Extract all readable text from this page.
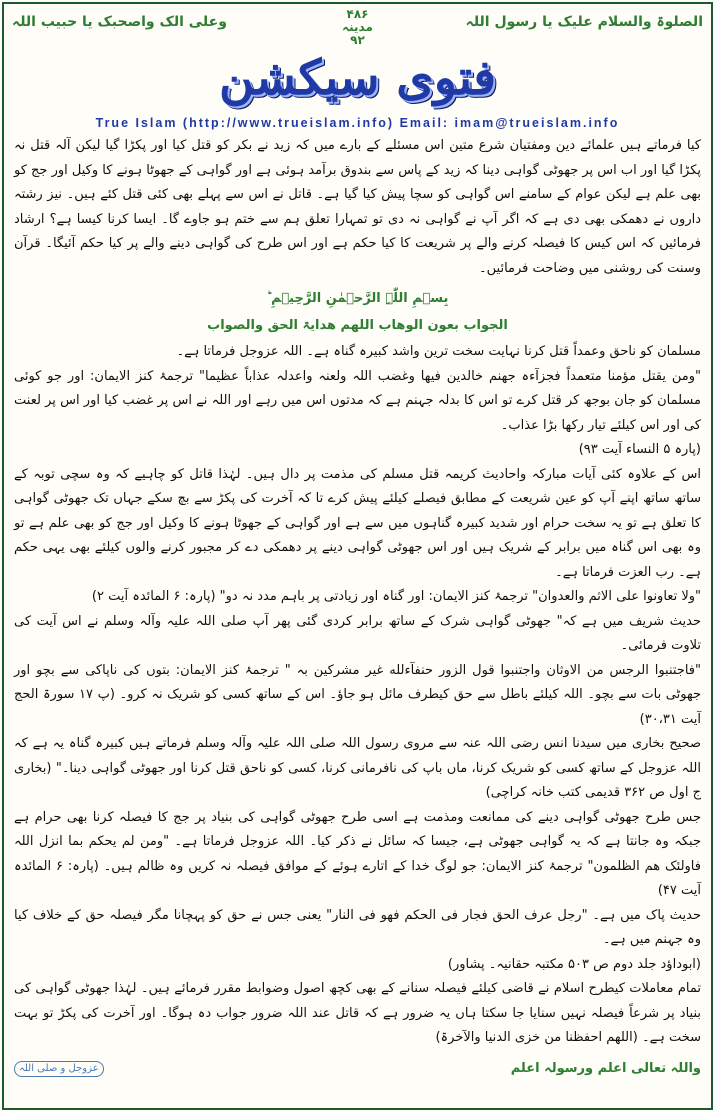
الصلوۃ والسلام علیک یا رسول اللہ
۴۸۶
مدینہ
۹۲
وعلی الک واصحبک یا حبیب اللہ
فتوی سیکشن
True Islam (http://www.trueislam.info) Email: imam@trueislam.info

کیا فرماتے ہیں علمائے دین ومفتیان شرع متین اس مسئلے کے بارے میں کہ زید نے بکر کو قتل کیا اور پکڑا گیا لیکن آلہ قتل نہ پکڑا گیا اور اب اس پر جھوٹی گواہی دینا کہ زید کے پاس سے بندوق برآمد ہوئی ہے اور گواہی کے جھوٹا ہونے کا وکیل اور جج کو بھی علم ہے لیکن عوام کے سامنے اس گواہی کو سچا پیش کیا گیا ہے۔ قاتل نے اس سے پہلے بھی کئی قتل کئے ہیں۔ نیز رشتہ داروں نے دھمکی بھی دی ہے کہ اگر آپ نے گواہی نہ دی تو تمہارا تعلق ہم سے ختم ہو جاوے گا۔ ایسا کرنا کیسا ہے؟ ارشاد فرمائیں کہ اس کیس کا فیصلہ کرنے والے پر شریعت کا کیا حکم ہے اور اس طرح کی گواہی دینے والے پر کیا حکم آئیگا۔ قرآن وسنت کی روشنی میں وضاحت فرمائیں۔

بِسۡمِ اللّٰہِ الرَّحۡمٰنِ الرَّحِیۡمِ ؕ
الجواب بعون الوھاب اللھم ھدایۃ الحق والصواب

مسلمان کو ناحق وعمداً قتل کرنا نہایت سخت ترین واشد کبیرہ گناہ ہے۔ اللہ عزوجل فرماتا ہے۔

"ومن یقتل مؤمنا متعمداً فجزآءہ جھنم خالدین فیھا وغضب اللہ ولعنہ واعدلہ عذاباً عظیما" ترجمۂ کنز الایمان: اور جو کوئی مسلمان کو جان بوجھ کر قتل کرے تو اس کا بدلہ جہنم ہے کہ مدتوں اس میں رہے اور اللہ نے اس پر غضب کیا اور اس پر لعنت کی اور اس کیلئے تیار رکھا بڑا عذاب۔

(پارہ ۵ النساء آیت ۹۳)

اس کے علاوہ کئی آیات مبارکہ واحادیث کریمہ قتل مسلم کی مذمت پر دال ہیں۔ لہٰذا قاتل کو چاہیے کہ وہ سچی توبہ کے ساتھ ساتھ اپنے آپ کو عین شریعت کے مطابق فیصلے کیلئے پیش کرے تا کہ آخرت کی پکڑ سے بچ سکے جہاں تک جھوٹی گواہی کا تعلق ہے تو یہ سخت حرام اور شدید کبیرہ گناہوں میں سے ہے اور گواہی کے جھوٹا ہونے کا وکیل اور جج کو بھی علم ہے تو وہ بھی اس گناہ میں برابر کے شریک ہیں اور اس جھوٹی گواہی دینے پر دھمکی دے کر مجبور کرنے والوں کیلئے بھی یہی حکم ہے۔ رب العزت فرماتا ہے۔

"ولا تعاونوا علی الاثم والعدوان" ترجمۂ کنز الایمان: اور گناہ اور زیادتی پر باہم مدد نہ دو" (پارہ: ۶ المائدہ آیت ۲)

حدیث شریف میں ہے کہ" جھوٹی گواہی شرک کے ساتھ برابر کردی گئی پھر آپ صلی اللہ علیہ وآلہ وسلم نے اس آیت کی تلاوت فرمائی۔

"فاجتنبوا الرجس من الاوثان واجتنبوا قول الزور حنفآءلله غیر مشرکین بہ " ترجمۂ کنز الایمان: بتوں کی ناپاکی سے بچو اور جھوٹی بات سے بچو۔ اللہ کیلئے باطل سے حق کیطرف مائل ہو جاؤ۔ اس کے ساتھ کسی کو شریک نہ کرو۔ (پ ۱۷ سورۃ الحج آیت ۳۰،۳۱)

صحیح بخاری میں سیدنا انس رضی اللہ عنہ سے مروی رسول اللہ صلی اللہ علیہ وآلہ وسلم فرماتے ہیں کبیرہ گناہ یہ ہے کہ اللہ عزوجل کے ساتھ کسی کو شریک کرنا، ماں باپ کی نافرمانی کرنا، کسی کو ناحق قتل کرنا اور جھوٹی گواہی دینا۔" (بخاری ج اول ص ۳۶۲ قدیمی کتب خانہ کراچی)

جس طرح جھوٹی گواہی دینے کی ممانعت ومذمت ہے اسی طرح جھوٹی گواہی کی بنیاد پر جج کا فیصلہ کرنا بھی حرام ہے جبکہ وہ جانتا ہے کہ یہ گواہی جھوٹی ہے، جیسا کہ سائل نے ذکر کیا۔ اللہ عزوجل فرماتا ہے۔ "ومن لم یحکم بما انزل اللہ فاولئک ھم الظلمون" ترجمۂ کنز الایمان: جو لوگ خدا کے اتارے ہوئے کے موافق فیصلہ نہ کریں وہ ظالم ہیں۔ (پارہ: ۶ المائدہ آیت ۴۷)

حدیث پاک میں ہے۔ "رجل عرف الحق فجار فی الحکم فھو فی النار" یعنی جس نے حق کو پہچانا مگر فیصلہ حق کے خلاف کیا وہ جہنم میں ہے۔

(ابوداؤد جلد دوم ص ۵۰۳ مکتبہ حقانیہ۔ پشاور)

تمام معاملات کیطرح اسلام نے قاضی کیلئے فیصلہ سنانے کے بھی کچھ اصول وضوابط مقرر فرمائے ہیں۔ لہٰذا جھوٹی گواہی کی بنیاد پر شرعاً فیصلہ نہیں سنایا جا سکتا ہاں یہ ضرور ہے کہ قاتل عند اللہ ضرور جواب دہ ہوگا۔ اور آخرت کی پکڑ تو بہت سخت ہے۔ (اللھم احفظنا من خزی الدنیا والآخرۃ)

واللہ تعالی اعلم ورسولہ اعلم
عزوجل و صلی اللہ
